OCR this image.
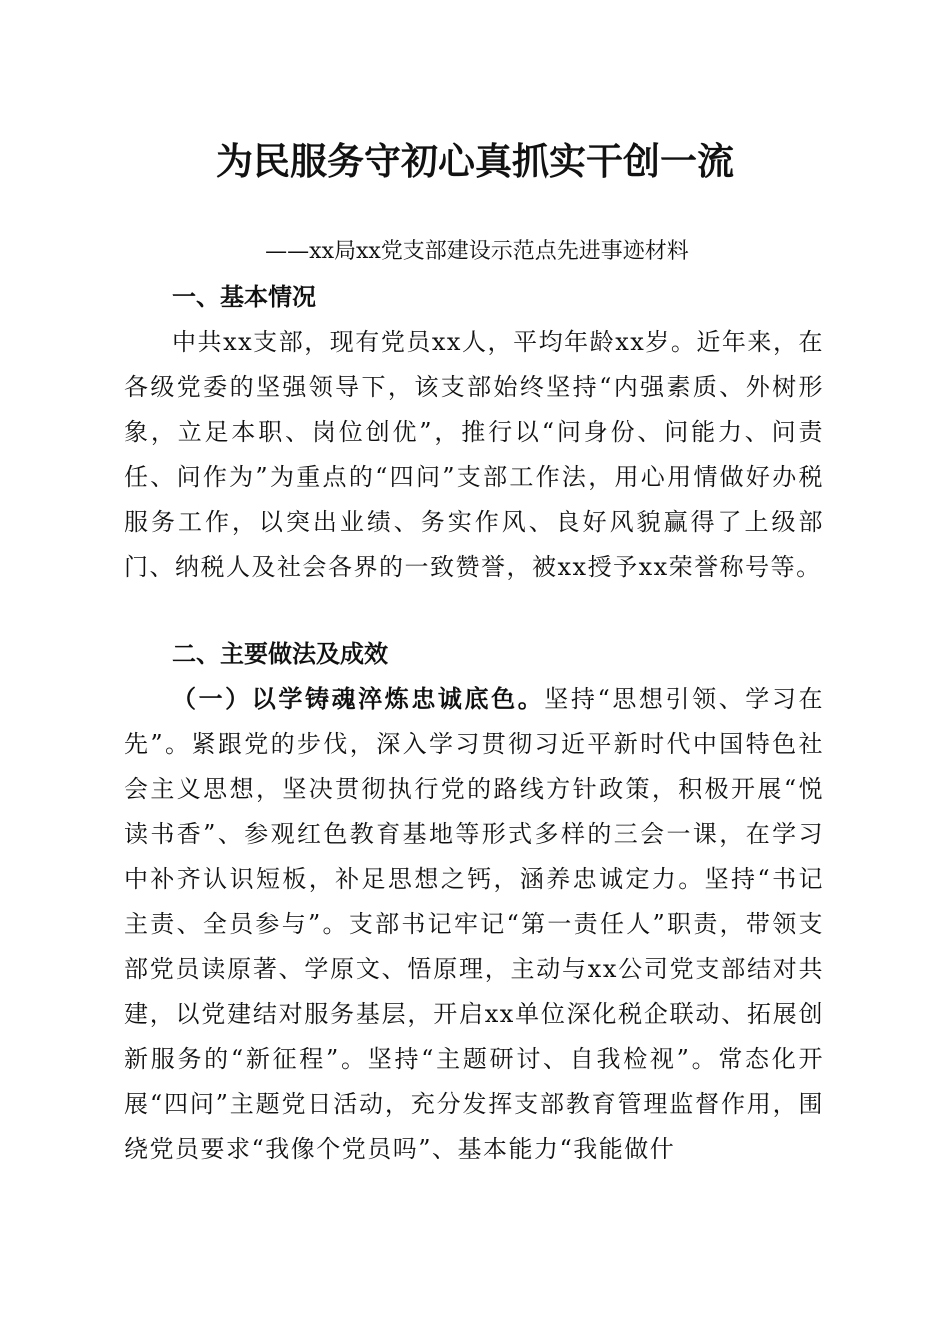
为民服务守初心真抓实干创一流

——xx局xx党支部建设示范点先进事迹材料

一、基本情况

中共xx支部，现有党员xx人，平均年龄xx岁。近年来，在各级党委的坚强领导下，该支部始终坚持“内强素质、外树形象，立足本职、岗位创优”，推行以“问身份、问能力、问责任、问作为”为重点的“四问”支部工作法，用心用情做好办税服务工作，以突出业绩、务实作风、良好风貌赢得了上级部门、纳税人及社会各界的一致赞誉，被xx授予xx荣誉称号等。

二、主要做法及成效

（一）以学铸魂淬炼忠诚底色。坚持“思想引领、学习在先”。紧跟党的步伐，深入学习贯彻习近平新时代中国特色社会主义思想，坚决贯彻执行党的路线方针政策，积极开展“悦读书香”、参观红色教育基地等形式多样的三会一课，在学习中补齐认识短板，补足思想之钙，涵养忠诚定力。坚持“书记主责、全员参与”。支部书记牢记“第一责任人”职责，带领支部党员读原著、学原文、悟原理，主动与xx公司党支部结对共建，以党建结对服务基层，开启xx单位深化税企联动、拓展创新服务的“新征程”。坚持“主题研讨、自我检视”。常态化开展“四问”主题党日活动，充分发挥支部教育管理监督作用，围绕党员要求“我像个党员吗”、基本能力“我能做什
